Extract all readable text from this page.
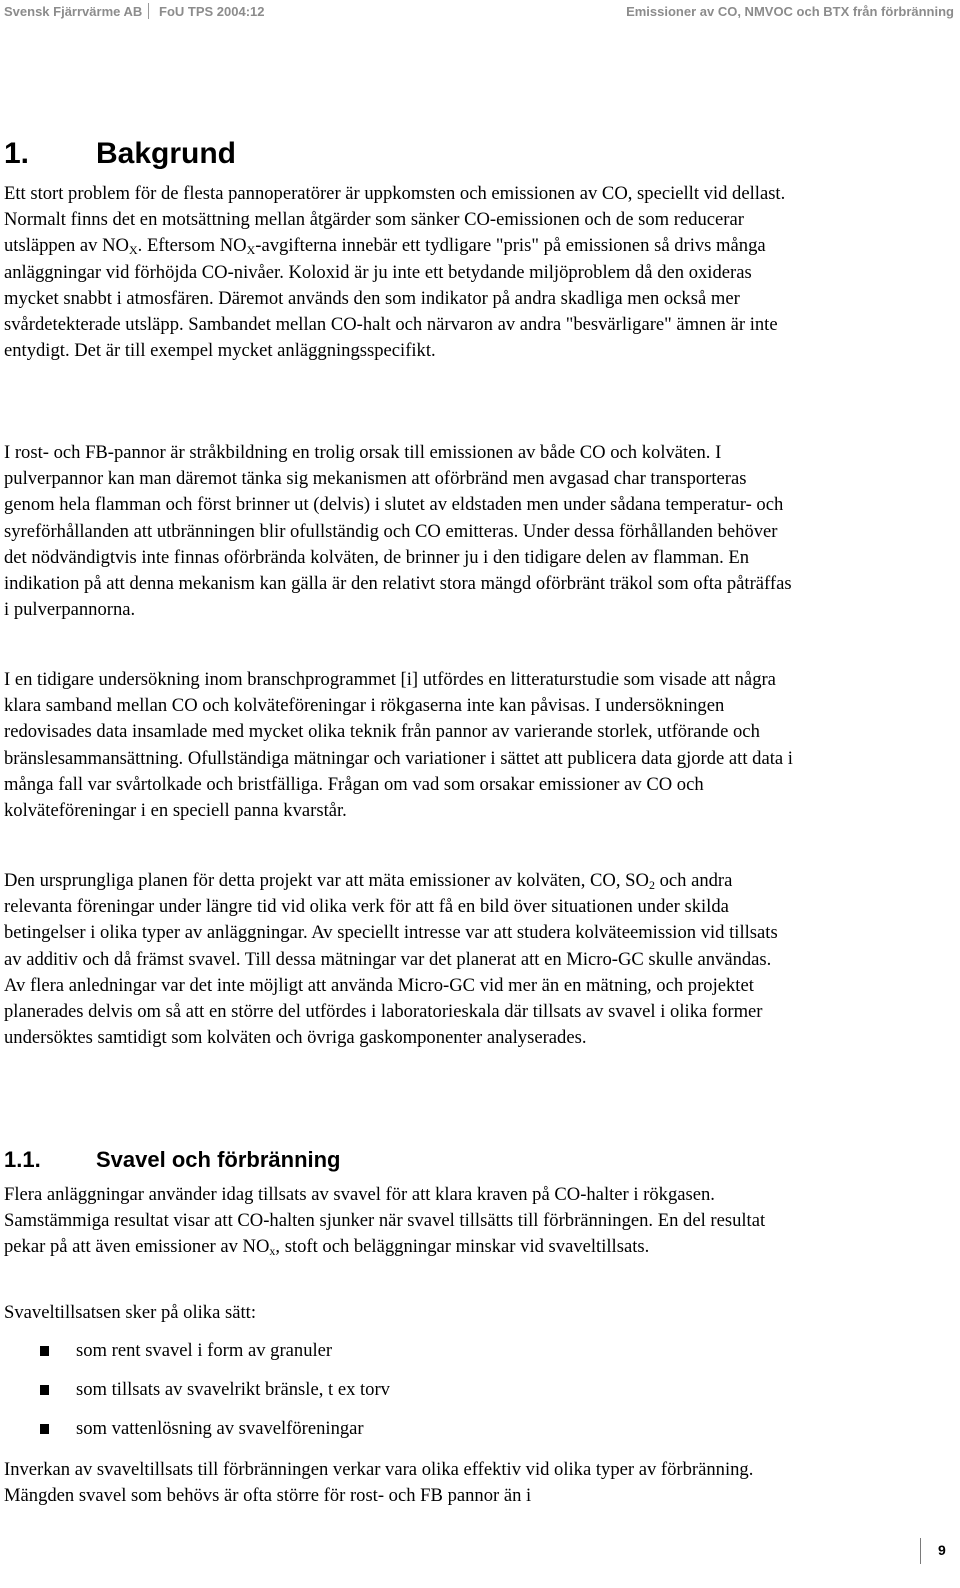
Svensk Fjärrvärme AB FoU TPS 2004:12	Emissioner av CO, NMVOC och BTX från förbränning
1. Bakgrund

Ett stort problem för de flesta pannoperatörer är uppkomsten och emissionen av CO, speciellt vid dellast. Normalt finns det en motsättning mellan åtgärder som sänker CO-emissionen och de som reducerar utsläppen av $NO_X$. Eftersom $NO_X$-avgifterna innebär ett tydligare "pris" på emissionen så drivs många anläggningar vid förhöjda CO-nivåer. Koloxid är ju inte ett betydande miljöproblem då den oxideras mycket snabbt i atmosfären. Däremot används den som indikator på andra skadliga men också mer svårdetekterade utsläpp. Sambandet mellan CO-halt och närvaron av andra "besvärligare" ämnen är inte entydigt. Det är till exempel mycket anläggningsspecifikt.

I rost- och FB-pannor är stråkbildning en trolig orsak till emissionen av både CO och kolväten. I pulverpannor kan man däremot tänka sig mekanismen att oförbränd men avgasad char transporteras genom hela flamman och först brinner ut (delvis) i slutet av eldstaden men under sådana temperatur- och syreförhållanden att utbränningen blir ofullständig och CO emitteras. Under dessa förhållanden behöver det nödvändigtvis inte finnas oförbrända kolväten, de brinner ju i den tidigare delen av flamman. En indikation på att denna mekanism kan gälla är den relativt stora mängd oförbränt träkol som ofta påträffas i pulverpannorna.

I en tidigare undersökning inom branschprogrammet [i] utfördes en litteraturstudie som visade att några klara samband mellan CO och kolväteföreningar i rökgaserna inte kan påvisas. I undersökningen redovisades data insamlade med mycket olika teknik från pannor av varierande storlek, utförande och bränslesammansättning. Ofullständiga mätningar och variationer i sättet att publicera data gjorde att data i många fall var svårtolkade och bristfälliga. Frågan om vad som orsakar emissioner av CO och kolväteföreningar i en speciell panna kvarstår.

Den ursprungliga planen för detta projekt var att mäta emissioner av kolväten, CO, $SO_2$ och andra relevanta föreningar under längre tid vid olika verk för att få en bild över situationen under skilda betingelser i olika typer av anläggningar. Av speciellt intresse var att studera kolväteemission vid tillsats av additiv och då främst svavel. Till dessa mätningar var det planerat att en Micro-GC skulle användas. Av flera anledningar var det inte möjligt att använda Micro-GC vid mer än en mätning, och projektet planerades delvis om så att en större del utfördes i laboratorieskala där tillsats av svavel i olika former undersöktes samtidigt som kolväten och övriga gaskomponenter analyserades.

1.1.	Svavel och förbränning

Flera anläggningar använder idag tillsats av svavel för att klara kraven på CO-halter i rökgasen. Samstämmiga resultat visar att CO-halten sjunker när svavel tillsätts till förbränningen. En del resultat pekar på att även emissioner av $NO_x$, stoft och beläggningar minskar vid svaveltillsats.

Svaveltillsatsen sker på olika sätt:

som rent svavel i form av granuler
som tillsats av svavelrikt bränsle, t ex torv
som vattenlösning av svavelföreningar

Inverkan av svaveltillsats till förbränningen verkar vara olika effektiv vid olika typer av förbränning. Mängden svavel som behövs är ofta större för rost- och FB pannor än i

9
